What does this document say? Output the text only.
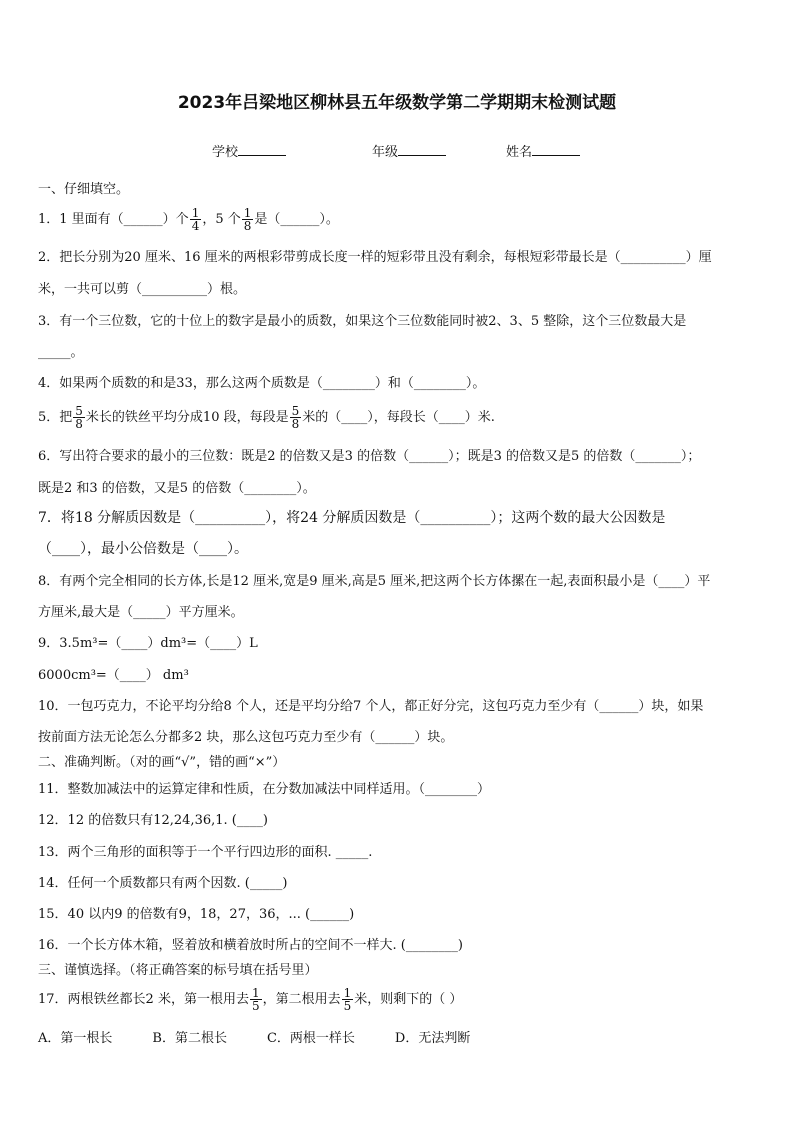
2023年吕梁地区柳林县五年级数学第二学期期末检测试题
学校	年级	姓名
一、仔细填空。
1．1 里面有（______）个 $\frac{1}{4}$ ，5 个 $\frac{1}{8}$ 是（______）。
2．把长分别为20 厘米、16 厘米的两根彩带剪成长度一样的短彩带且没有剩余，每根短彩带最长是（__________）厘
米，一共可以剪（__________）根。
3．有一个三位数，它的十位上的数字是最小的质数，如果这个三位数能同时被2、3、5 整除，这个三位数最大是
_____。
4．如果两个质数的和是33，那么这两个质数是（________）和（________）。
5．把 $\frac{5}{8}$ 米长的铁丝平均分成10 段，每段是 $\frac{5}{8}$ 米的（____），每段长（____）米.
6．写出符合要求的最小的三位数：既是2 的倍数又是3 的倍数（______）；既是3 的倍数又是5 的倍数（_______）；
既是2 和3 的倍数，又是5 的倍数（________）。
7．将18 分解质因数是（__________），将24 分解质因数是（__________）；这两个数的最大公因数是
（____），最小公倍数是（____）。
8．有两个完全相同的长方体,长是12 厘米,宽是9 厘米,高是5 厘米,把这两个长方体摞在一起,表面积最小是（____）平
方厘米,最大是（_____）平方厘米。
9．3.5m³=（____）dm³=（____）L
6000cm³=（____） dm³
10．一包巧克力，不论平均分给8 个人，还是平均分给7 个人，都正好分完，这包巧克力至少有（______）块，如果
按前面方法无论怎么分都多2 块，那么这包巧克力至少有（______）块。
二、准确判断。（对的画“√”，错的画“×”）
11．整数加减法中的运算定律和性质，在分数加减法中同样适用。（________）
12．12 的倍数只有12,24,36,1. (____)
13．两个三角形的面积等于一个平行四边形的面积. _____.
14．任何一个质数都只有两个因数. (_____)
15．40 以内9 的倍数有9，18，27，36，... (______)
16．一个长方体木箱，竖着放和横着放时所占的空间不一样大. (________)
三、谨慎选择。（将正确答案的标号填在括号里）
17．两根铁丝都长2 米，第一根用去 $\frac{1}{5}$ ，第二根用去 $\frac{1}{5}$ 米，则剩下的（ ）
A．第一根长	B．第二根长	C．两根一样长	D．无法判断
